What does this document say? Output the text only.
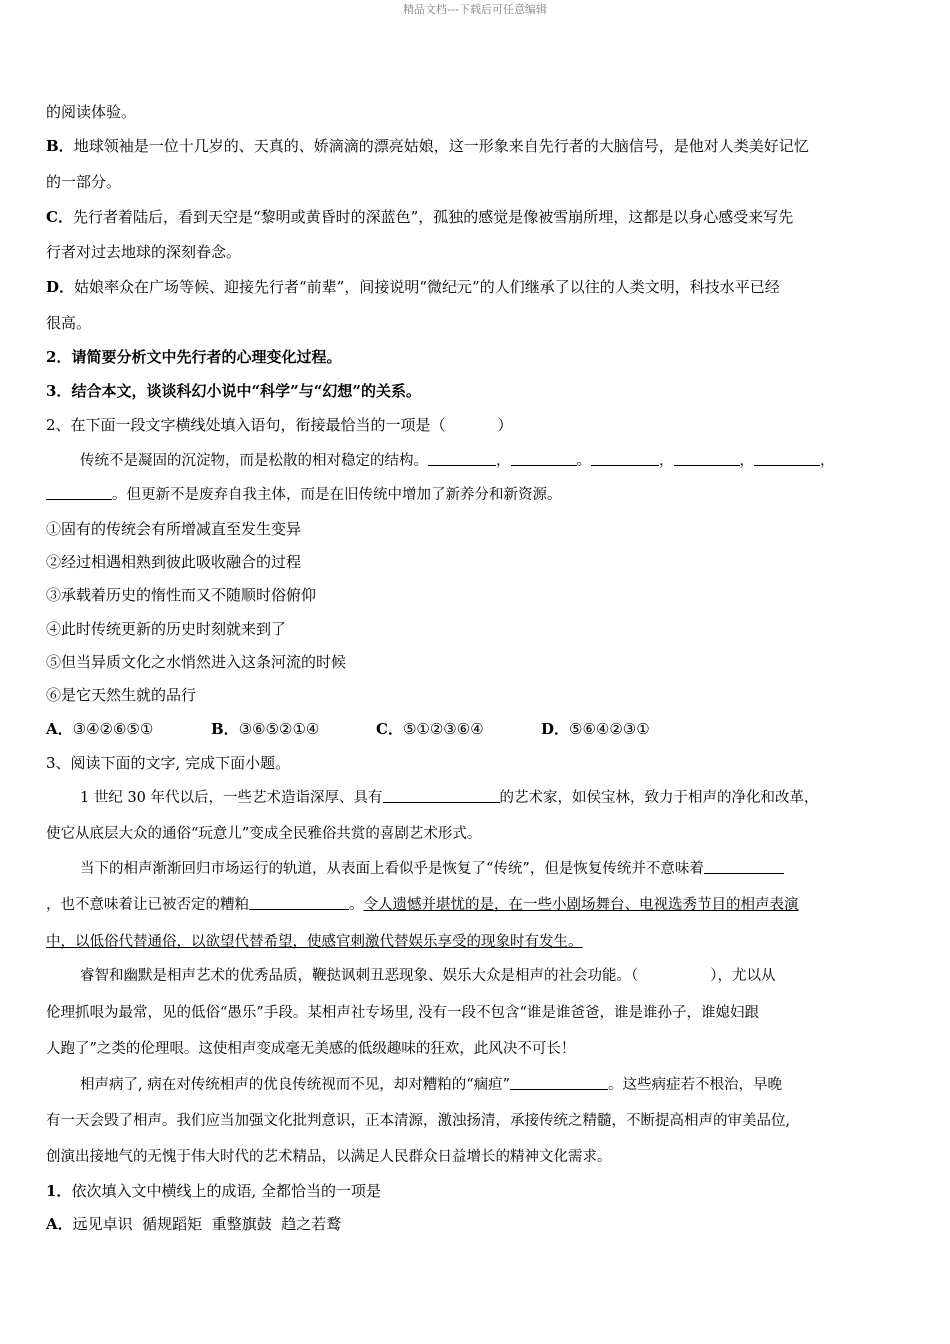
精品文档---下载后可任意编辑
的阅读体验。
B．地球领袖是一位十几岁的、天真的、娇滴滴的漂亮姑娘，这一形象来自先行者的大脑信号，是他对人类美好记忆
的一部分。
C．先行者着陆后，看到天空是“黎明或黄昏时的深蓝色”，孤独的感觉是像被雪崩所埋，这都是以身心感受来写先
行者对过去地球的深刻眷念。
D．姑娘率众在广场等候、迎接先行者“前辈”，间接说明“微纪元”的人们继承了以往的人类文明，科技水平已经
很高。
2．请简要分析文中先行者的心理变化过程。
3．结合本文，谈谈科幻小说中“科学”与“幻想”的关系。
2、在下面一段文字横线处填入语句，衔接最恰当的一项是（	）
传统不是凝固的沉淀物，而是松散的相对稳定的结构。	，	。	，	，	，
。但更新不是废弃自我主体，而是在旧传统中增加了新养分和新资源。
①固有的传统会有所增减直至发生变异
②经过相遇相熟到彼此吸收融合的过程
③承载着历史的惰性而又不随顺时俗俯仰
④此时传统更新的历史时刻就来到了
⑤但当异质文化之水悄然进入这条河流的时候
⑥是它天然生就的品行
A．③④②⑥⑤①	B．③⑥⑤②①④	C．⑤①②③⑥④	D．⑤⑥④②③①
3、阅读下面的文字, 完成下面小题。
1 世纪 30 年代以后，一些艺术造诣深厚、具有	的艺术家，如侯宝林，致力于相声的净化和改革，
使它从底层大众的通俗“玩意儿”变成全民雅俗共赏的喜剧艺术形式。
当下的相声渐渐回归市场运行的轨道，从表面上看似乎是恢复了“传统”，但是恢复传统并不意味着
，也不意味着让已被否定的糟粕	。令人遗憾并堪忧的是，在一些小剧场舞台、电视选秀节目的相声表演
中，以低俗代替通俗，以欲望代替希望，使感官刺激代替娱乐享受的现象时有发生。
睿智和幽默是相声艺术的优秀品质，鞭挞讽刺丑恶现象、娱乐大众是相声的社会功能。（	），尤以从
伦理抓哏为最常，见的低俗“愚乐”手段。某相声社专场里, 没有一段不包含“谁是谁爸爸，谁是谁孙子，谁媳妇跟
人跑了”之类的伦理哏。这使相声变成毫无美感的低级趣味的狂欢，此风决不可长！
相声病了, 病在对传统相声的优良传统视而不见，却对糟粕的“痼疸”	。这些病症若不根治，早晚
有一天会毁了相声。我们应当加强文化批判意识，正本清源，激浊扬清，承接传统之精髓，不断提高相声的审美品位,
创演出接地气的无愧于伟大时代的艺术精品，以满足人民群众日益增长的精神文化需求。
1．依次填入文中横线上的成语, 全都恰当的一项是
A．远见卓识  循规蹈矩  重整旗鼓  趋之若鹜
